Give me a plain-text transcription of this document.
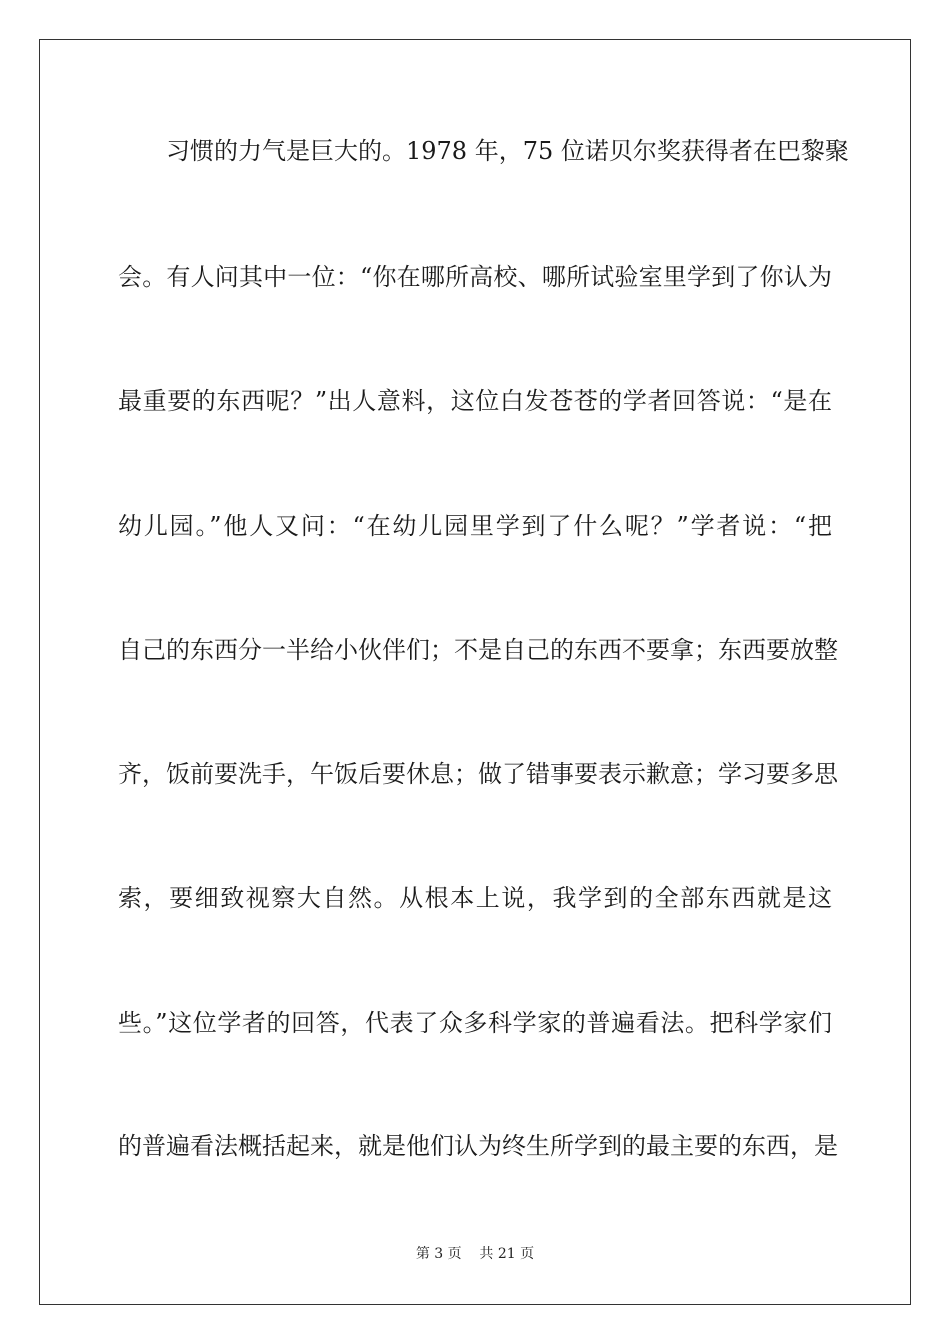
习惯的力气是巨大的。1978 年，75 位诺贝尔奖获得者在巴黎聚
会。有人问其中一位：“你在哪所高校、哪所试验室里学到了你认为
最重要的东西呢？”出人意料，这位白发苍苍的学者回答说：“是在
幼儿园。”他人又问：“在幼儿园里学到了什么呢？”学者说：“把
自己的东西分一半给小伙伴们；不是自己的东西不要拿；东西要放整
齐，饭前要洗手，午饭后要休息；做了错事要表示歉意；学习要多思
索，要细致视察大自然。从根本上说，我学到的全部东西就是这
些。”这位学者的回答，代表了众多科学家的普遍看法。把科学家们
的普遍看法概括起来，就是他们认为终生所学到的最主要的东西，是
第 3 页    共 21 页
